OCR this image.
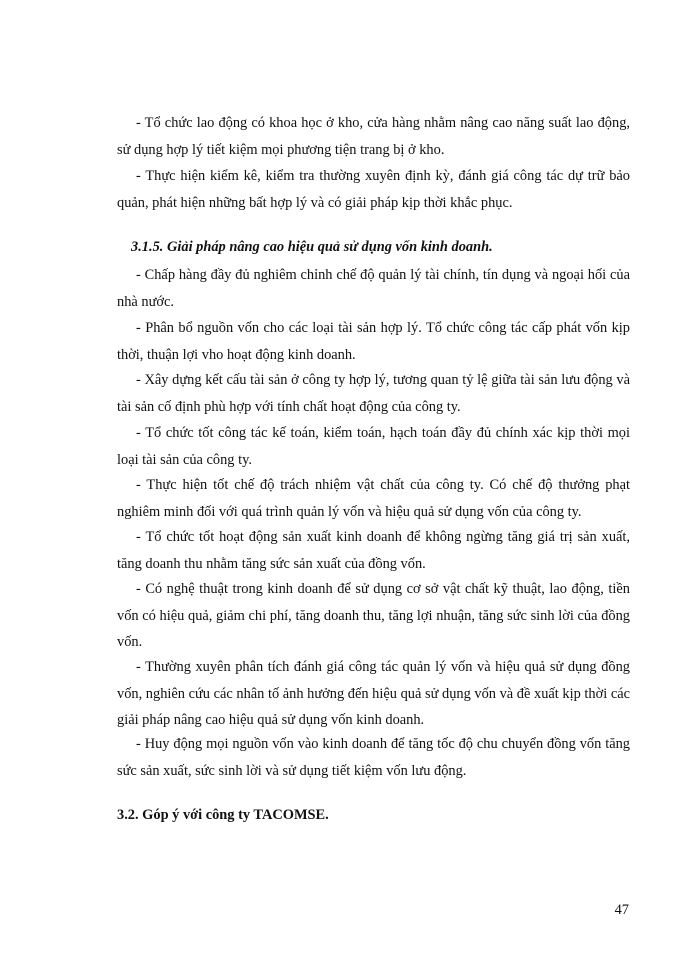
- Tổ chức lao động có khoa học ở kho, cửa hàng nhằm nâng cao năng suất lao động, sử dụng hợp lý tiết kiệm mọi phương tiện trang bị ở kho.

- Thực hiện kiểm kê, kiểm tra thường xuyên định kỳ, đánh giá công tác dự trữ bảo quản, phát hiện những bất hợp lý và có giải pháp kịp thời khắc phục.

3.1.5. Giải pháp nâng cao hiệu quả sử dụng vốn kinh doanh.

- Chấp hàng đầy đủ nghiêm chỉnh chế độ quản lý tài chính, tín dụng và ngoại hối của nhà nước.

- Phân bổ nguồn vốn cho các loại tài sản hợp lý. Tổ chức công tác cấp phát vốn kịp thời, thuận lợi vho hoạt động kinh doanh.

- Xây dựng kết cấu tài sản ở công ty hợp lý, tương quan tỷ lệ giữa tài sản lưu động và tài sản cố định phù hợp với tính chất hoạt động của công ty.

- Tổ chức tốt công tác kế toán, kiểm toán, hạch toán đầy đủ chính xác kịp thời mọi loại tài sản của công ty.

- Thực hiện tốt chế độ trách nhiệm vật chất của công ty. Có chế độ thưởng phạt nghiêm minh đối với quá trình quản lý vốn và hiệu quả sử dụng vốn của công ty.

- Tổ chức tốt hoạt động sản xuất kinh doanh để không ngừng tăng giá trị sản xuất, tăng doanh thu nhằm tăng sức sản xuất của đồng vốn.

- Có nghệ thuật trong kinh doanh để sử dụng cơ sở vật chất kỹ thuật, lao động, tiền vốn có hiệu quả, giảm chi phí, tăng doanh thu, tăng lợi nhuận, tăng sức sinh lời của đồng vốn.

- Thường xuyên phân tích đánh giá công tác quản lý vốn và hiệu quả sử dụng đồng vốn, nghiên cứu các nhân tố ảnh hưởng đến hiệu quả sử dụng vốn và đề xuất kịp thời các giải pháp nâng cao hiệu quả sử dụng vốn kinh doanh.

- Huy động mọi nguồn vốn vào kinh doanh để tăng tốc độ chu chuyển đồng vốn tăng sức sản xuất, sức sinh lời và sử dụng tiết kiệm vốn lưu động.

3.2. Góp ý với công ty TACOMSE.
47
